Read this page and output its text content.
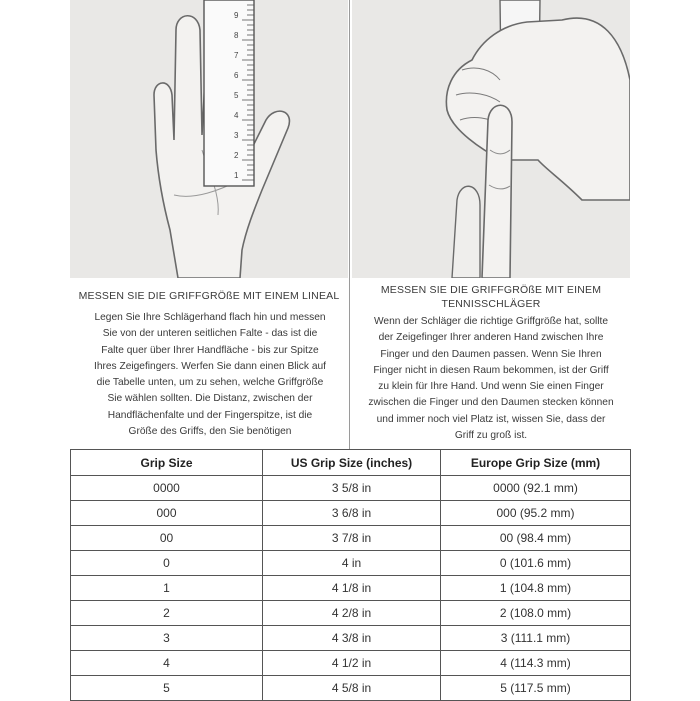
1
2
3
4
5
6
7
8
9
MESSEN SIE DIE GRIFFGRÖßE MIT EINEM LINEAL
Legen Sie Ihre Schlägerhand flach hin und messen
Sie von der unteren seitlichen Falte - das ist die
Falte quer über Ihrer Handfläche - bis zur Spitze
Ihres Zeigefingers. Werfen Sie dann einen Blick auf
die Tabelle unten, um zu sehen, welche Griffgröße
Sie wählen sollten. Die Distanz, zwischen der
Handflächenfalte und der Fingerspitze, ist die
Größe des Griffs, den Sie benötigen
MESSEN SIE DIE GRIFFGRÖßE MIT EINEM
TENNISSCHLÄGER
Wenn der Schläger die richtige Griffgröße hat, sollte
der Zeigefinger Ihrer anderen Hand zwischen Ihre
Finger und den Daumen passen. Wenn Sie Ihren
Finger nicht in diesen Raum bekommen, ist der Griff
zu klein für Ihre Hand. Und wenn Sie einen Finger
zwischen die Finger und den Daumen stecken können
und immer noch viel Platz ist, wissen Sie, dass der
Griff zu groß ist.
Grip Size	US Grip Size (inches)	Europe Grip Size (mm)
0000	3 5/8 in	0000 (92.1 mm)
000	3 6/8 in	000 (95.2 mm)
00	3 7/8 in	00 (98.4 mm)
0	4 in	0 (101.6 mm)
1	4 1/8 in	1 (104.8 mm)
2	4 2/8 in	2 (108.0 mm)
3	4 3/8 in	3 (111.1 mm)
4	4 1/2 in	4 (114.3 mm)
5	4 5/8 in	5 (117.5 mm)
